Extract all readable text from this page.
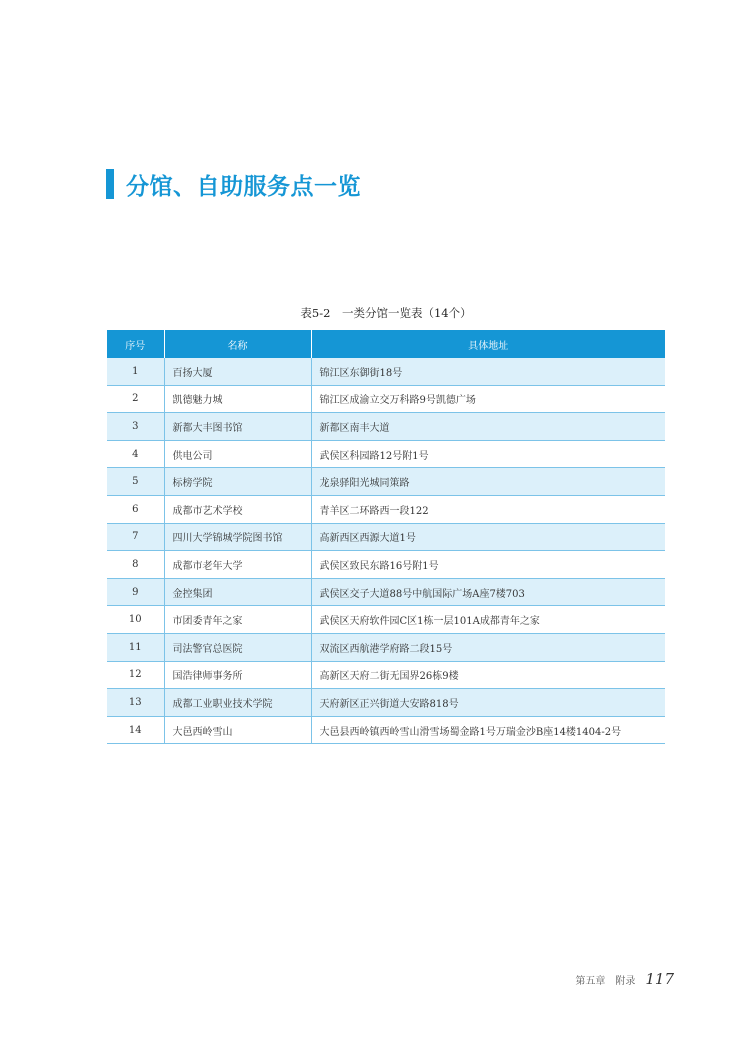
分馆、自助服务点一览
表5-2　一类分馆一览表（14个）
序号	名称	具体地址
1	百扬大厦	锦江区东御街18号
2	凯德魅力城	锦江区成渝立交万科路9号凯德广场
3	新都大丰图书馆	新都区南丰大道
4	供电公司	武侯区科园路12号附1号
5	标榜学院	龙泉驿阳光城同策路
6	成都市艺术学校	青羊区二环路西一段122
7	四川大学锦城学院图书馆	高新西区西源大道1号
8	成都市老年大学	武侯区致民东路16号附1号
9	金控集团	武侯区交子大道88号中航国际广场A座7楼703
10	市团委青年之家	武侯区天府软件园C区1栋一层101A成都青年之家
11	司法警官总医院	双流区西航港学府路二段15号
12	国浩律师事务所	高新区天府二街无国界26栋9楼
13	成都工业职业技术学院	天府新区正兴街道大安路818号
14	大邑西岭雪山	大邑县西岭镇西岭雪山滑雪场蜀金路1号万瑞金沙B座14楼1404-2号
第五章 附录 117
